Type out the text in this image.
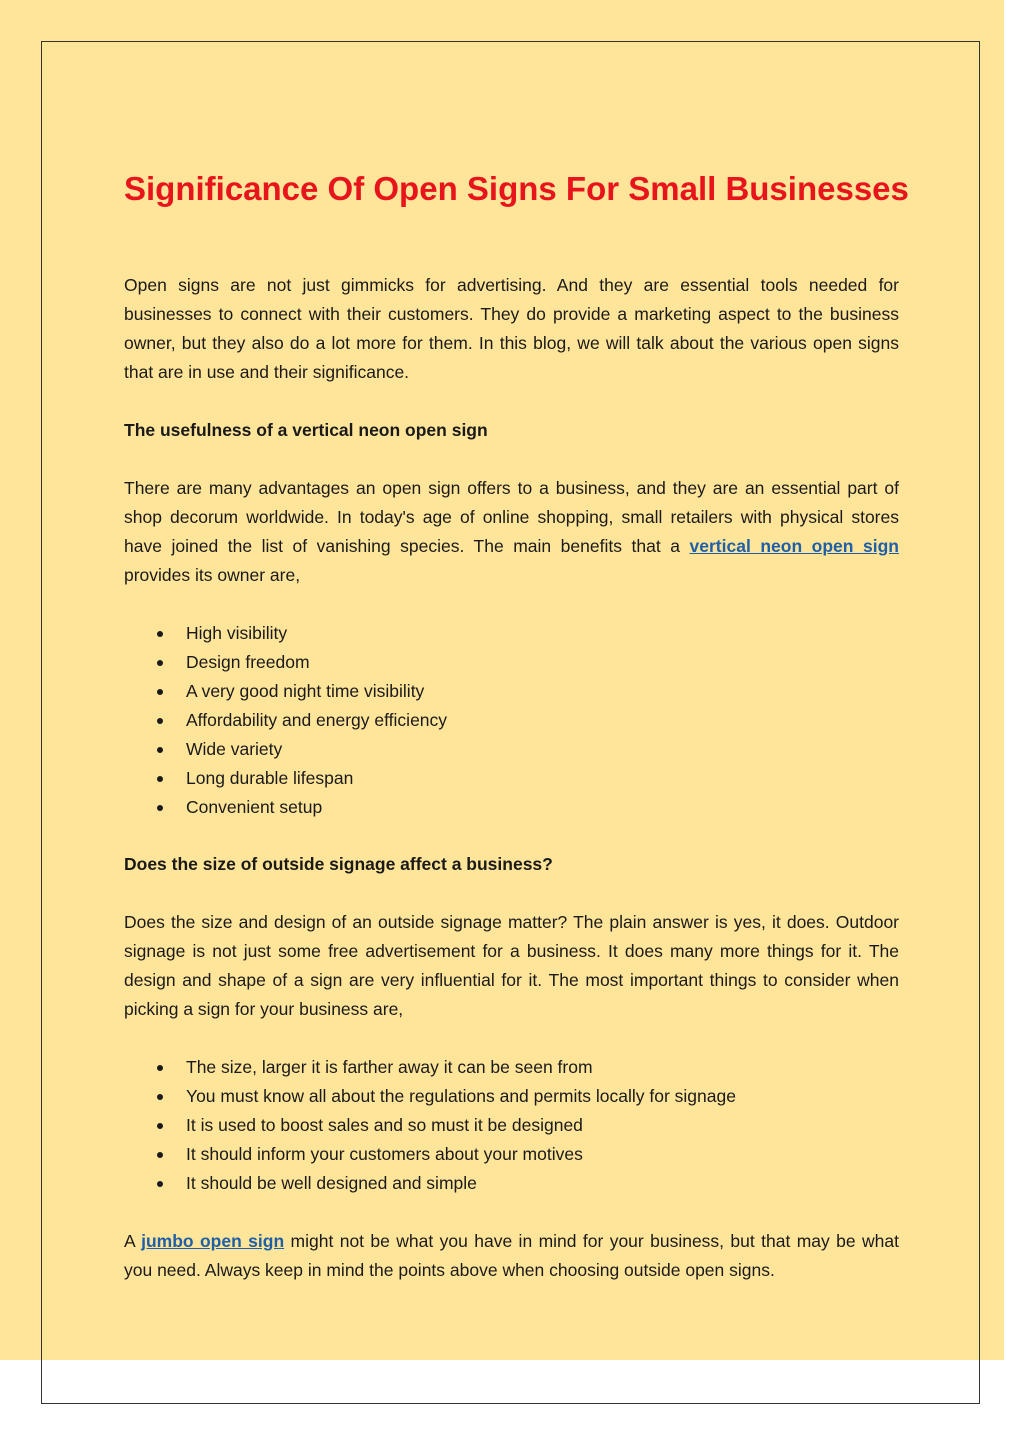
Significance Of Open Signs For Small Businesses

Open signs are not just gimmicks for advertising. And they are essential tools needed for businesses to connect with their customers. They do provide a marketing aspect to the business owner, but they also do a lot more for them. In this blog, we will talk about the various open signs that are in use and their significance.

The usefulness of a vertical neon open sign

There are many advantages an open sign offers to a business, and they are an essential part of shop decorum worldwide. In today's age of online shopping, small retailers with physical stores have joined the list of vanishing species. The main benefits that a vertical neon open sign provides its owner are,

High visibility
Design freedom
A very good night time visibility
Affordability and energy efficiency
Wide variety
Long durable lifespan
Convenient setup

Does the size of outside signage affect a business?

Does the size and design of an outside signage matter? The plain answer is yes, it does. Outdoor signage is not just some free advertisement for a business. It does many more things for it. The design and shape of a sign are very influential for it. The most important things to consider when picking a sign for your business are,

The size, larger it is farther away it can be seen from
You must know all about the regulations and permits locally for signage
It is used to boost sales and so must it be designed
It should inform your customers about your motives
It should be well designed and simple

A jumbo open sign might not be what you have in mind for your business, but that may be what you need. Always keep in mind the points above when choosing outside open signs.
